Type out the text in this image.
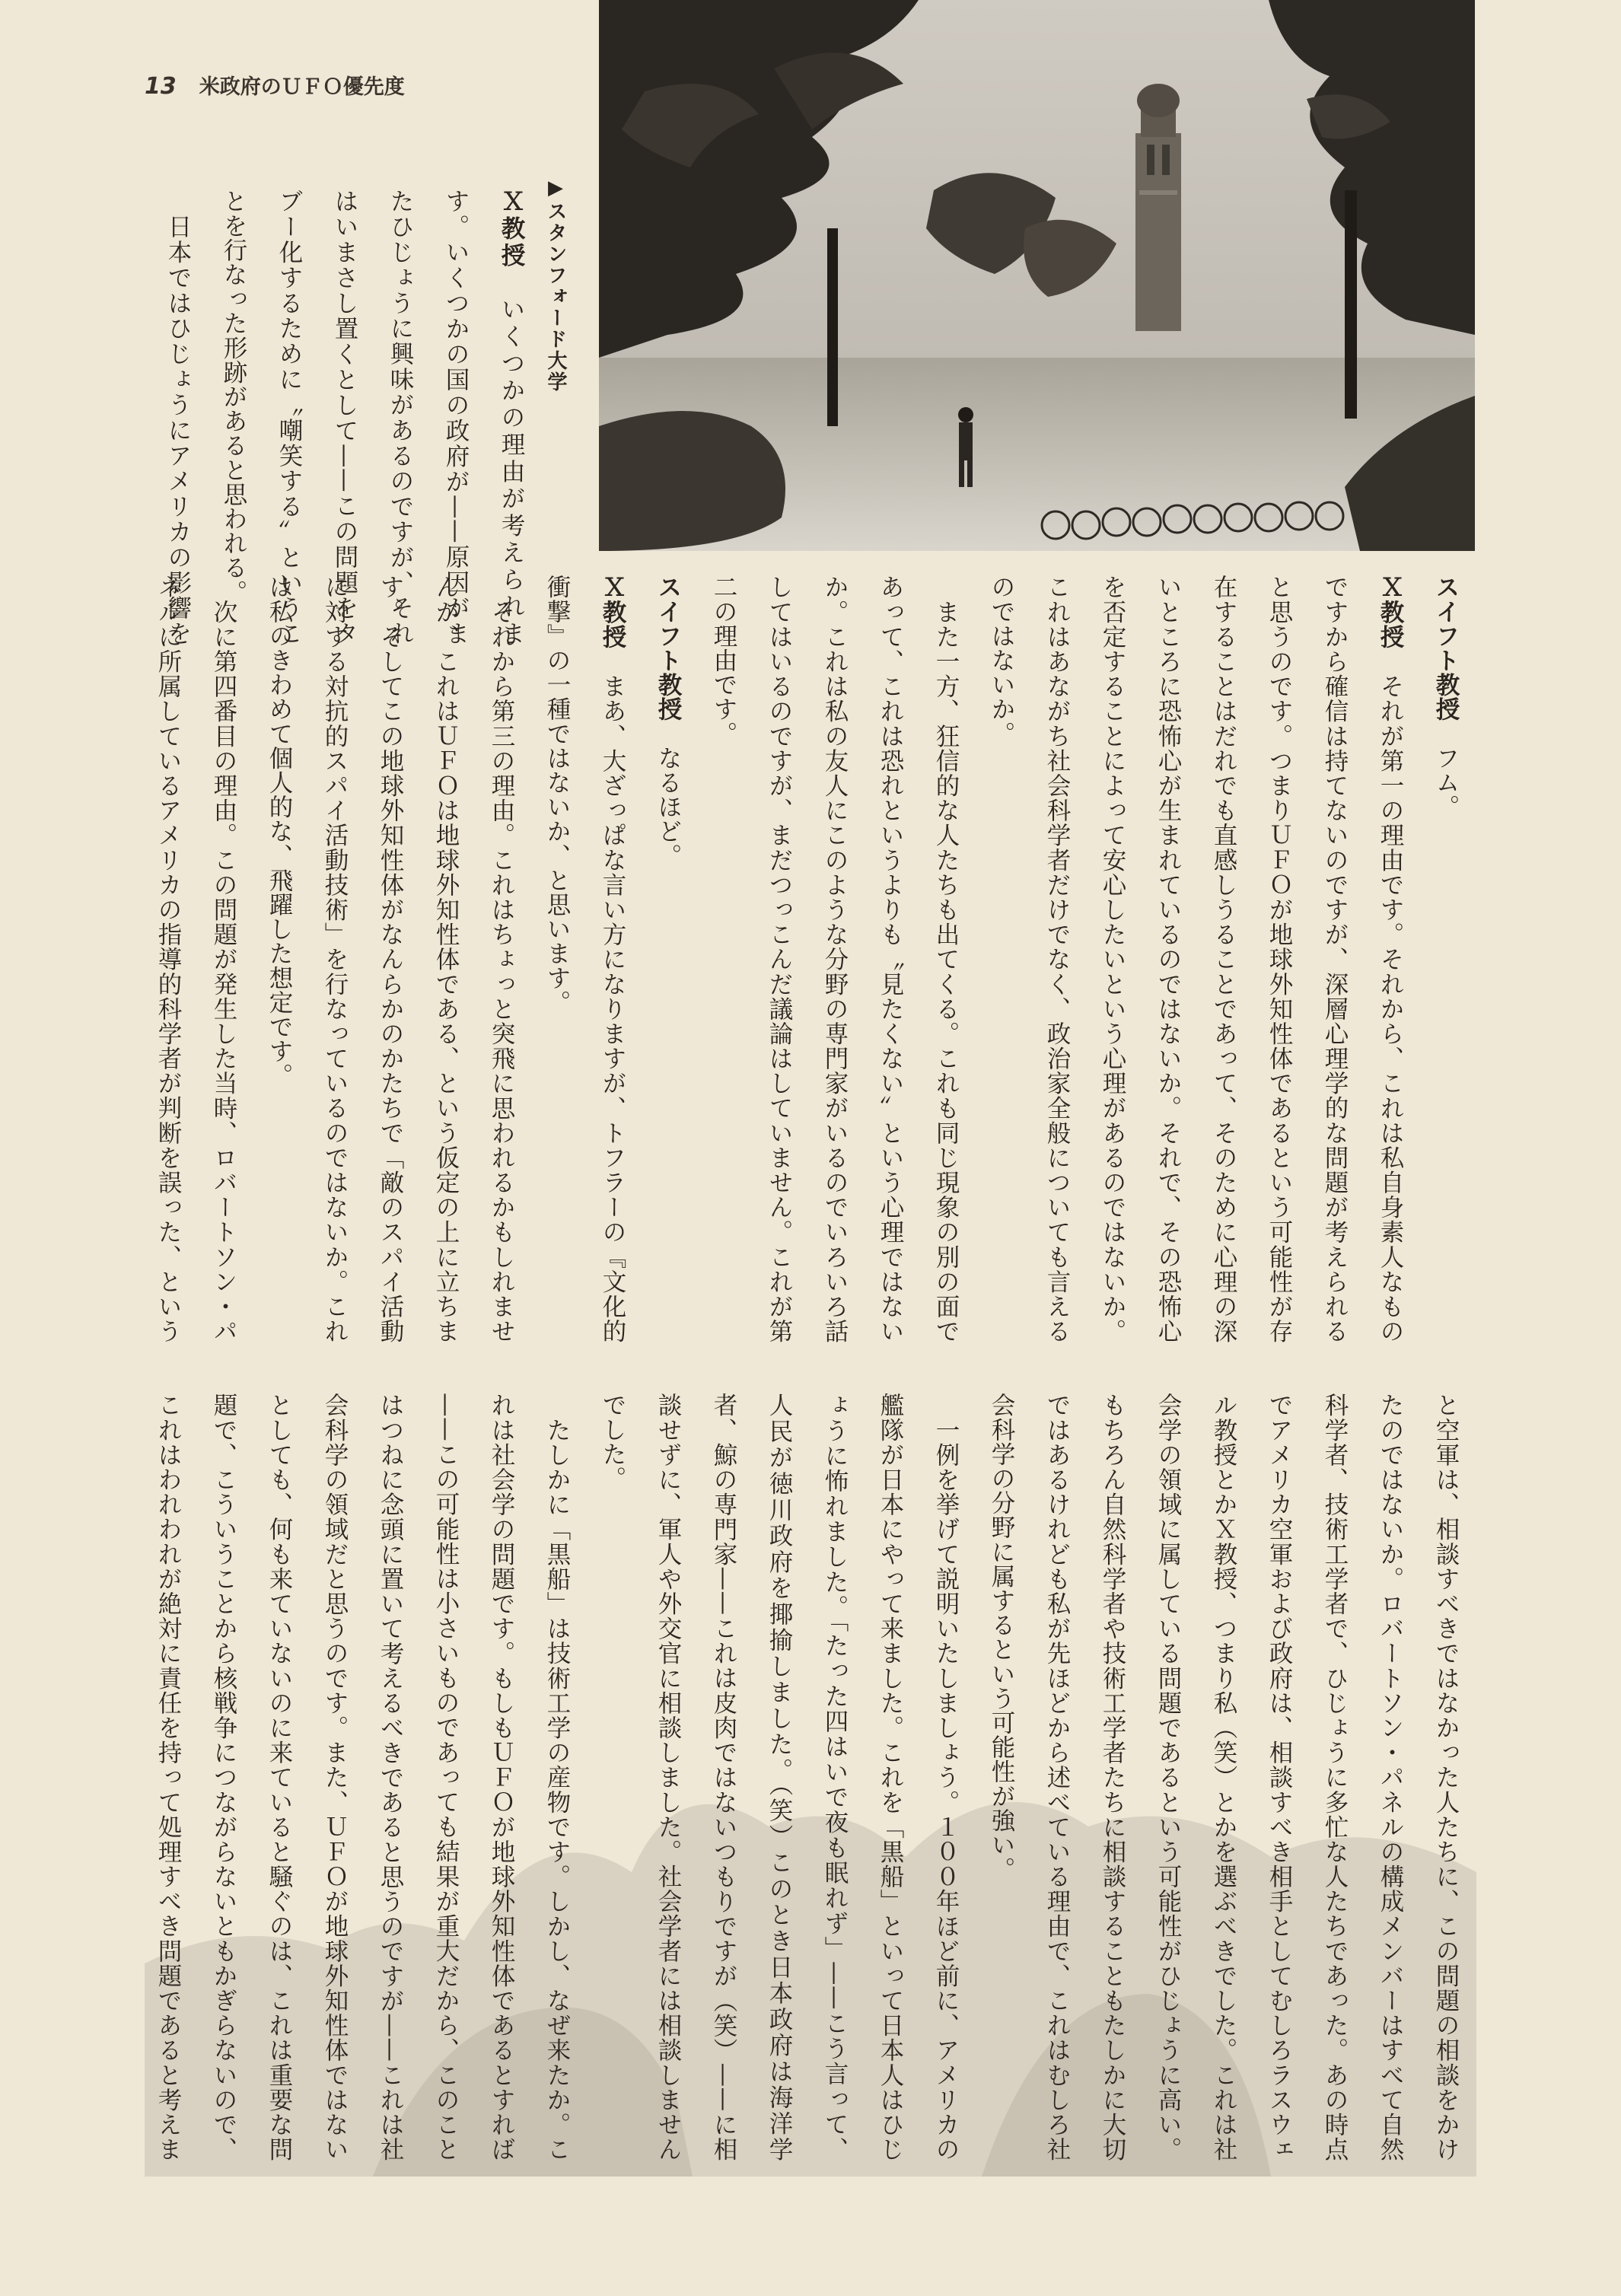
13 米政府のＵＦＯ優先度
▶スタンフォード大学
Ｘ教授　いくつかの理由が考えられます。いくつかの国の政府が——原因がまたひじょうに興味があるのですが、それはいまさし置くとして——この問題をタブー化するために〝嘲笑する〟ということを行なった形跡があると思われる。
　日本ではひじょうにアメリカの影響を	スイフト教授　フム。
Ｘ教授　それが第一の理由です。それから、これは私自身素人なものですから確信は持てないのですが、深層心理学的な問題が考えられると思うのです。つまりＵＦＯが地球外知性体であるという可能性が存在することはだれでも直感しうることであって、そのために心理の深いところに恐怖心が生まれているのではないか。それで、その恐怖心を否定することによって安心したいという心理があるのではないか。これはあながち社会科学者だけでなく、政治家全般についても言えるのではないか。
　また一方、狂信的な人たちも出てくる。これも同じ現象の別の面であって、これは恐れというよりも〝見たくない〟という心理ではないか。これは私の友人にこのような分野の専門家がいるのでいろいろ話してはいるのですが、まだつっこんだ議論はしていません。これが第二の理由です。
スイフト教授　なるほど。
Ｘ教授　まあ、大ざっぱな言い方になりますが、トフラーの『文化的衝撃』の一種ではないか、と思います。
　それから第三の理由。これはちょっと突飛に思われるかもしれませんが、これはＵＦＯは地球外知性体である、という仮定の上に立ちます。そしてこの地球外知性体がなんらかのかたちで「敵のスパイ活動に対する対抗的スパイ活動技術」を行なっているのではないか。これは私のきわめて個人的な、飛躍した想定です。
　次に第四番目の理由。この問題が発生した当時、ロバートソン・パネルに所属しているアメリカの指導的科学者が判断を誤った、という
と空軍は、相談すべきではなかった人たちに、この問題の相談をかけたのではないか。ロバートソン・パネルの構成メンバーはすべて自然科学者、技術工学者で、ひじょうに多忙な人たちであった。あの時点でアメリカ空軍および政府は、相談すべき相手としてむしろラスウェル教授とかＸ教授、つまり私（笑）とかを選ぶべきでした。これは社会学の領域に属している問題であるという可能性がひじょうに高い。もちろん自然科学者や技術工学者たちに相談することもたしかに大切ではあるけれども私が先ほどから述べている理由で、これはむしろ社会科学の分野に属するという可能性が強い。
　一例を挙げて説明いたしましょう。１００年ほど前に、アメリカの艦隊が日本にやって来ました。これを「黒船」といって日本人はひじょうに怖れました。「たった四はいで夜も眠れず」——こう言って、人民が徳川政府を揶揄しました。（笑）このとき日本政府は海洋学者、鯨の専門家——これは皮肉ではないつもりですが（笑）——に相談せずに、軍人や外交官に相談しました。社会学者には相談しませんでした。
　たしかに「黒船」は技術工学の産物です。しかし、なぜ来たか。これは社会学の問題です。もしもＵＦＯが地球外知性体であるとすれば——この可能性は小さいものであっても結果が重大だから、このことはつねに念頭に置いて考えるべきであると思うのですが——これは社会科学の領域だと思うのです。また、ＵＦＯが地球外知性体ではないとしても、何も来ていないのに来ていると騒ぐのは、これは重要な問題で、こういうことから核戦争につながらないともかぎらないので、これはわれわれが絶対に責任を持って処理すべき問題であると考えま
